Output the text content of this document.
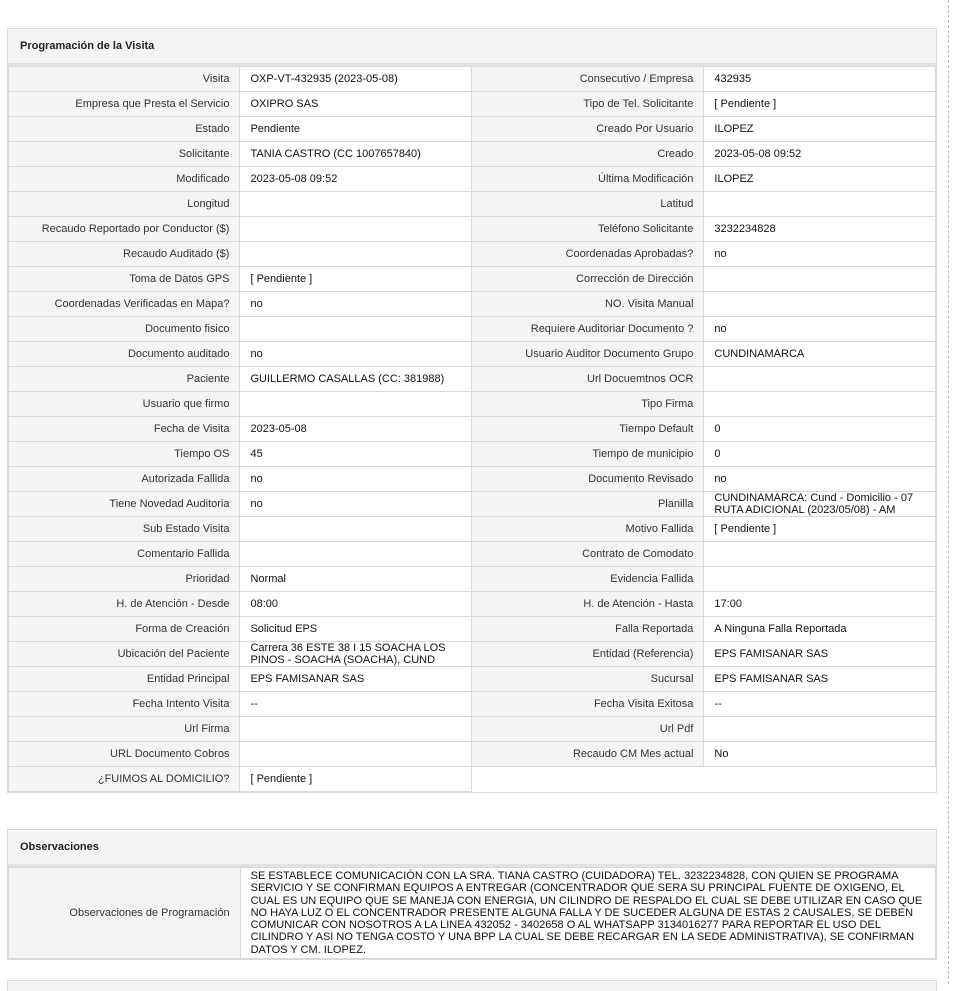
Programación de la Visita
Visita	OXP-VT-432935 (2023-05-08)	Consecutivo / Empresa	432935
Empresa que Presta el Servicio	OXIPRO SAS	Tipo de Tel. Solicitante	[ Pendiente ]
Estado	Pendiente	Creado Por Usuario	ILOPEZ
Solicitante	TANIA CASTRO (CC 1007657840)	Creado	2023-05-08 09:52
Modificado	2023-05-08 09:52	Última Modificación	ILOPEZ
Longitud		Latitud	
Recaudo Reportado por Conductor ($)		Teléfono Solicitante	3232234828
Recaudo Auditado ($)		Coordenadas Aprobadas?	no
Toma de Datos GPS	[ Pendiente ]	Corrección de Dirección	
Coordenadas Verificadas en Mapa?	no	NO. Visita Manual	
Documento fisico		Requiere Auditoriar Documento ?	no
Documento auditado	no	Usuario Auditor Documento Grupo	CUNDINAMARCA
Paciente	GUILLERMO CASALLAS (CC: 381988)	Url Docuemtnos OCR	
Usuario que firmo		Tipo Firma	
Fecha de Visita	2023-05-08	Tiempo Default	0
Tiempo OS	45	Tiempo de municipio	0
Autorizada Fallida	no	Documento Revisado	no
Tiene Novedad Auditoria	no	Planilla	CUNDINAMARCA: Cund - Domicilio - 07 RUTA ADICIONAL (2023/05/08) - AM
Sub Estado Visita		Motivo Fallida	[ Pendiente ]
Comentario Fallida		Contrato de Comodato	
Prioridad	Normal	Evidencia Fallida	
H. de Atención - Desde	08:00	H. de Atención - Hasta	17:00
Forma de Creación	Solicitud EPS	Falla Reportada	A Ninguna Falla Reportada
Ubicación del Paciente	Carrera 36 ESTE 38 I 15 SOACHA LOS PINOS - SOACHA (SOACHA), CUND	Entidad (Referencia)	EPS FAMISANAR SAS
Entidad Principal	EPS FAMISANAR SAS	Sucursal	EPS FAMISANAR SAS
Fecha Intento Visita	--	Fecha Visita Exitosa	--
Url Firma		Url Pdf	
URL Documento Cobros		Recaudo CM Mes actual	No
¿FUIMOS AL DOMICILIO?	[ Pendiente ]		
Observaciones
Observaciones de Programación	SE ESTABLECE COMUNICACIÓN CON LA SRA. TIANA CASTRO (CUIDADORA) TEL. 3232234828, CON QUIEN SE PROGRAMA SERVICIO Y SE CONFIRMAN EQUIPOS A ENTREGAR (CONCENTRADOR QUE SERA SU PRINCIPAL FUENTE DE OXIGENO, EL CUAL ES UN EQUIPO QUE SE MANEJA CON ENERGIA, UN CILINDRO DE RESPALDO EL CUAL SE DEBE UTILIZAR EN CASO QUE NO HAYA LUZ O EL CONCENTRADOR PRESENTE ALGUNA FALLA Y DE SUCEDER ALGUNA DE ESTAS 2 CAUSALES, SE DEBEN COMUNICAR CON NOSOTROS A LA LINEA 432052 - 3402658 O AL WHATSAPP 3134016277 PARA REPORTAR EL USO DEL CILINDRO Y ASI NO TENGA COSTO Y UNA BPP LA CUAL SE DEBE RECARGAR EN LA SEDE ADMINISTRATIVA), SE CONFIRMAN DATOS Y CM. ILOPEZ.
